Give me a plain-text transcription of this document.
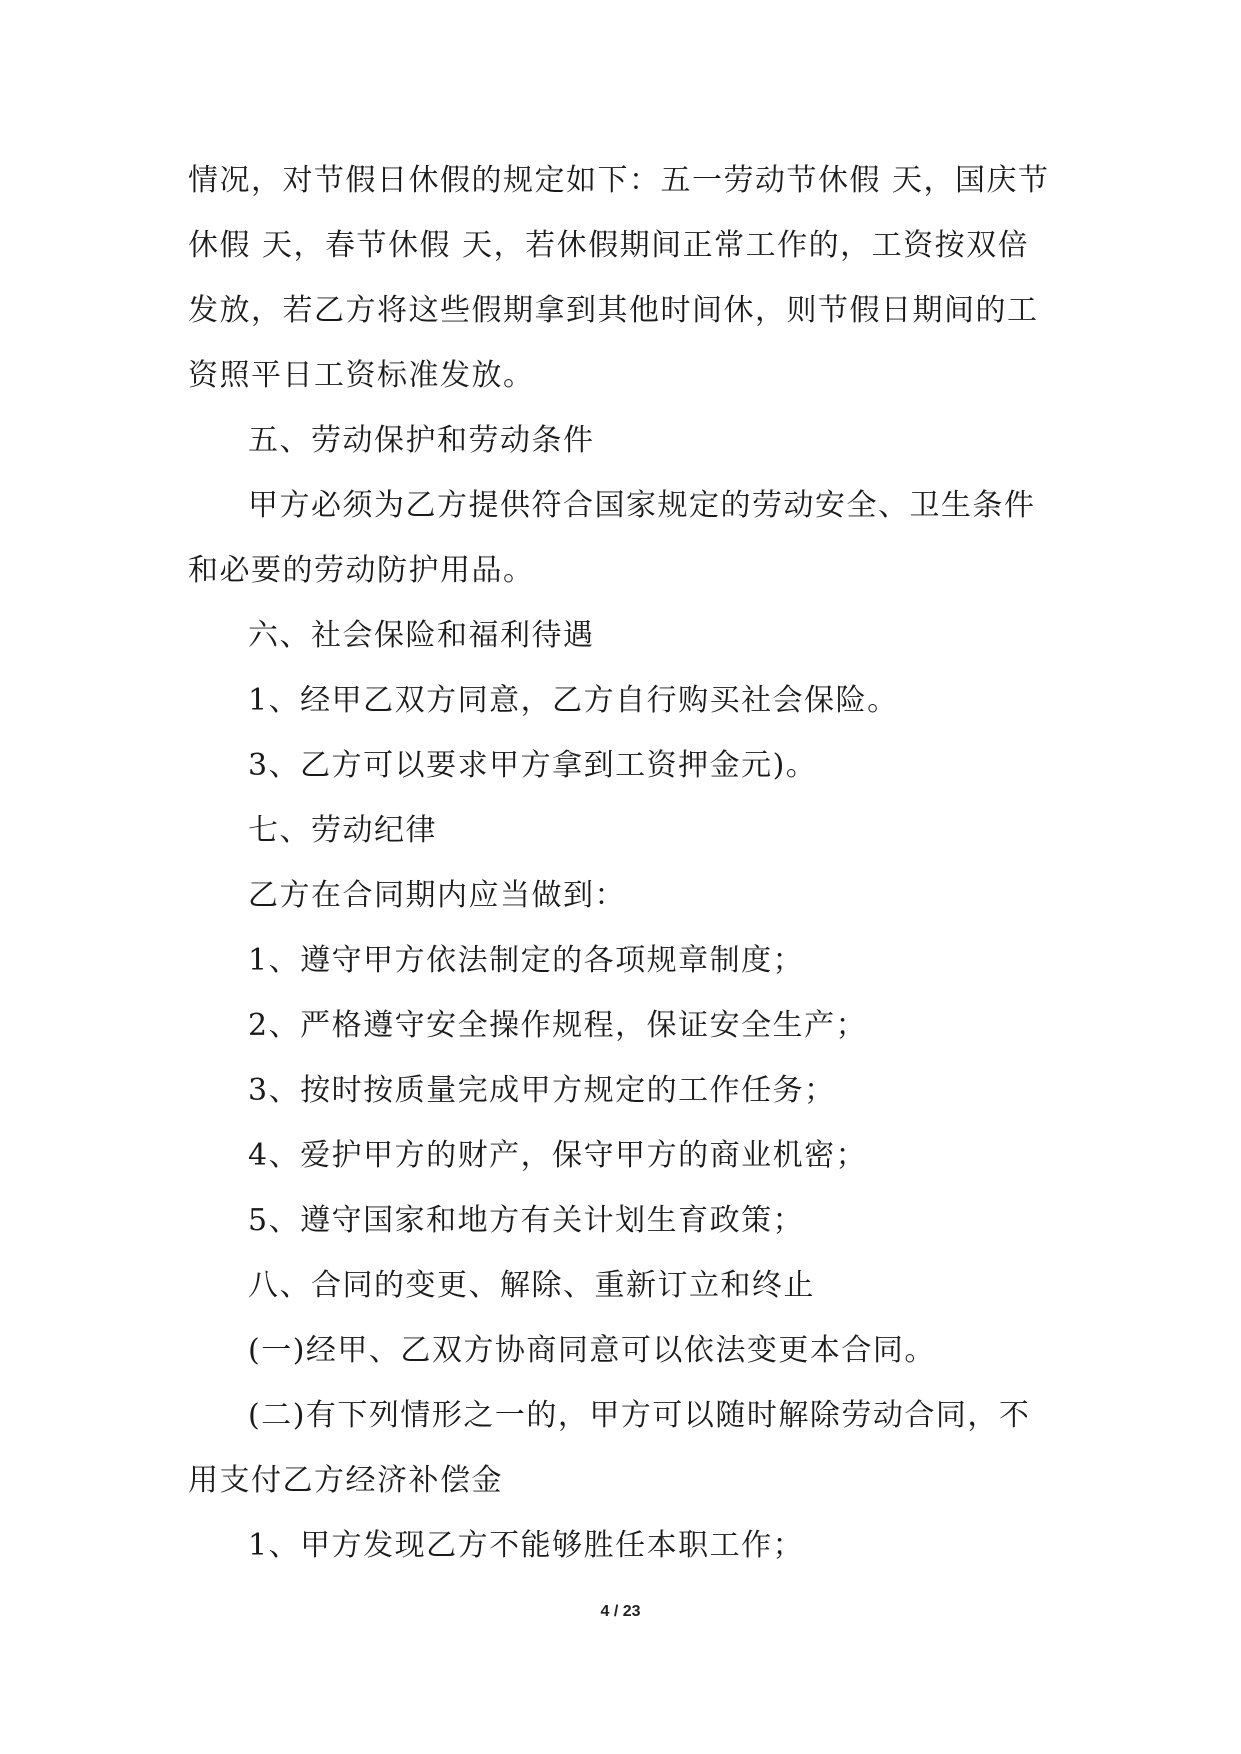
情况，对节假日休假的规定如下：五一劳动节休假 天，国庆节休假 天，春节休假 天，若休假期间正常工作的，工资按双倍发放，若乙方将这些假期拿到其他时间休，则节假日期间的工资照平日工资标准发放。

五、劳动保护和劳动条件

甲方必须为乙方提供符合国家规定的劳动安全、卫生条件和必要的劳动防护用品。

六、社会保险和福利待遇

1、经甲乙双方同意，乙方自行购买社会保险。

3、乙方可以要求甲方拿到工资押金元)。

七、劳动纪律

乙方在合同期内应当做到：

1、遵守甲方依法制定的各项规章制度；

2、严格遵守安全操作规程，保证安全生产；

3、按时按质量完成甲方规定的工作任务；

4、爱护甲方的财产，保守甲方的商业机密；

5、遵守国家和地方有关计划生育政策；

八、合同的变更、解除、重新订立和终止

(一)经甲、乙双方协商同意可以依法变更本合同。

(二)有下列情形之一的，甲方可以随时解除劳动合同，不用支付乙方经济补偿金

1、甲方发现乙方不能够胜任本职工作；

4 / 23
